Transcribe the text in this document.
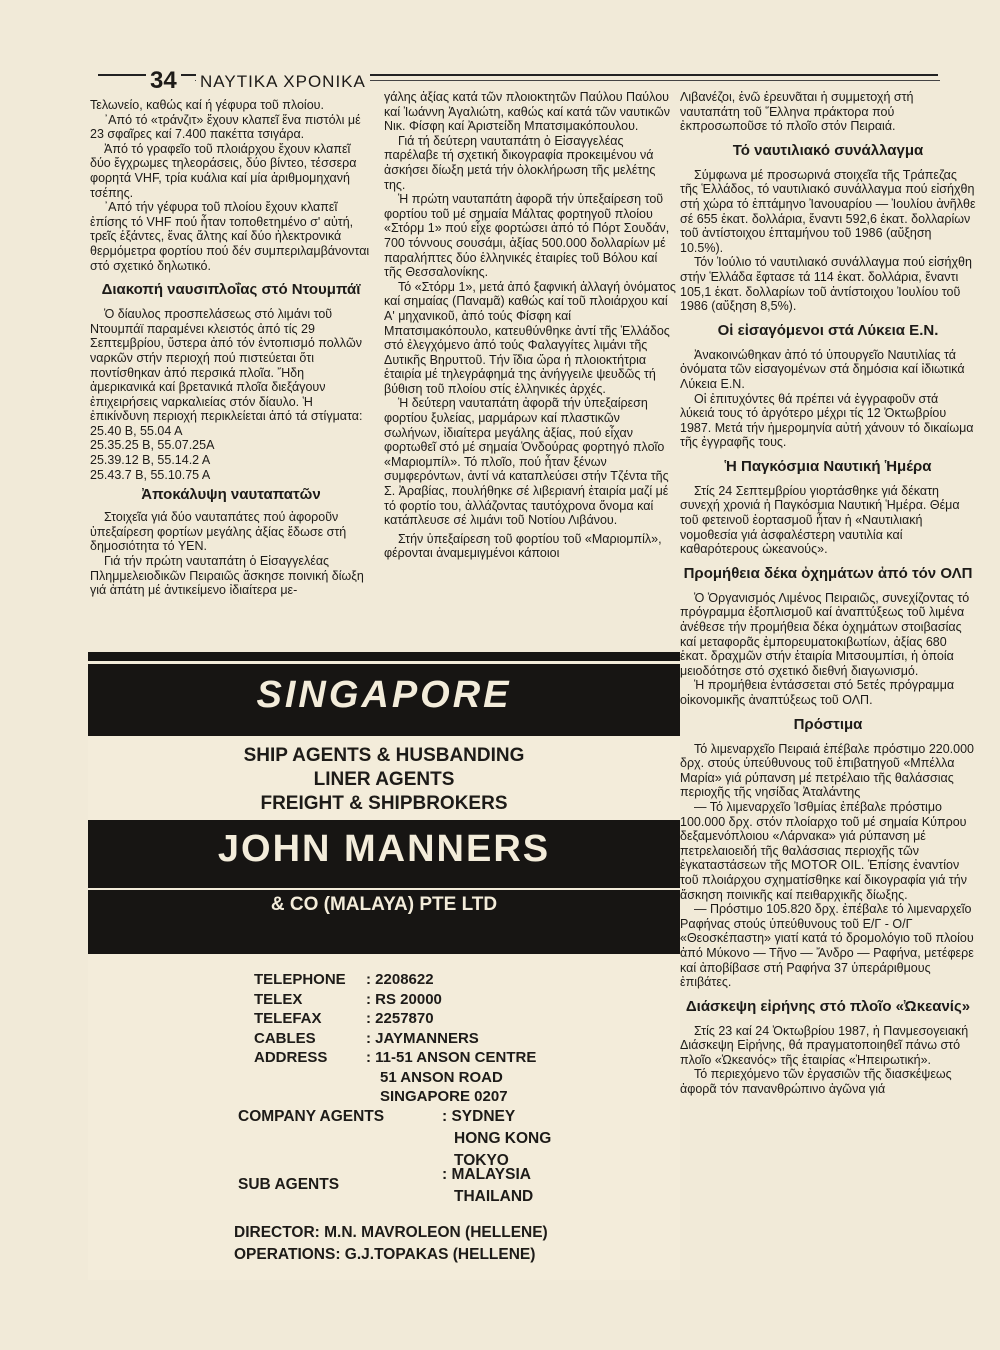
34 ΝΑΥΤΙΚΑ ΧΡΟΝΙΚΑ

Τελωνείο, καθώς καί ή γέφυρα τοῦ πλοίου.

᾿Από τό «τράνζιτ» ἔχουν κλαπεῖ ἕνα πιστόλι μέ 23 σφαῖρες καί 7.400 πακέττα τσιγάρα.

Ἀπό τό γραφεῖο τοῦ πλοιάρχου ἔχουν κλαπεῖ δύο ἔγχρωμες τηλεοράσεις, δύο βίντεο, τέσσερα φορητά VHF, τρία κυάλια καί μία ἀριθμομηχανή τσέπης.

᾿Από τήν γέφυρα τοῦ πλοίου ἔχουν κλαπεῖ ἐπίσης τό VHF πού ἦταν τοποθετημένο σ' αὐτή, τρεῖς ἑξάντες, ἕνας ἄλτης καί δύο ἠλεκτρονικά θερμόμετρα φορτίου πού δέν συμπεριλαμβάνονται στό σχετικό δηλωτικό.

Διακοπή ναυσιπλοΐας στό Ντουμπάϊ

Ὁ δίαυλος προσπελάσεως στό λιμάνι τοῦ Ντουμπάϊ παραμένει κλειστός ἀπό τίς 29 Σεπτεμβρίου, ὕστερα ἀπό τόν ἐντοπισμό πολλῶν ναρκῶν στήν περιοχή πού πιστεύεται ὅτι ποντίσθηκαν ἀπό περσικά πλοῖα. Ἤδη ἀμερικανικά καί βρετανικά πλοῖα διεξάγουν ἐπιχειρήσεις ναρκαλιείας στόν δίαυλο. Ἡ ἐπικίνδυνη περιοχή περικλείεται ἀπό τά στίγματα:

25.40 B, 55.04 A

25.35.25 B, 55.07.25A

25.39.12 B, 55.14.2 A

25.43.7 B, 55.10.75 A

Ἀποκάλυψη ναυταπατῶν

Στοιχεῖα γιά δύο ναυταπάτες πού ἀφοροῦν ὑπεξαίρεση φορτίων μεγάλης ἀξίας ἔδωσε στή δημοσιότητα τό ΥΕΝ.

Γιά τήν πρώτη ναυταπάτη ὁ Εἰσαγγελέας Πλημμελειοδικῶν Πειραιῶς ἄσκησε ποινική δίωξη γιά ἀπάτη μέ ἀντικείμενο ἰδιαίτερα με-

γάλης ἀξίας κατά τῶν πλοιοκτητῶν Παύλου Παύλου καί Ἰωάννη Ἀγαλιώτη, καθώς καί κατά τῶν ναυτικῶν Νικ. Φίσφη καί Ἀριστείδη Μπατσιμακόπουλου.

Γιά τή δεύτερη ναυταπάτη ὁ Εἰσαγγελέας παρέλαβε τή σχετική δικογραφία προκειμένου νά ἀσκήσει δίωξη μετά τήν ὁλοκλήρωση τῆς μελέτης της.

Ἡ πρώτη ναυταπάτη ἀφορᾶ τήν ὑπεξαίρεση τοῦ φορτίου τοῦ μέ σημαία Μάλτας φορτηγοῦ πλοίου «Στόρμ 1» πού εἶχε φορτώσει ἀπό τό Πόρτ Σουδάν, 700 τόννους σουσάμι, ἀξίας 500.000 δολλαρίων μέ παραλήπτες δύο ἑλληνικές ἑταιρίες τοῦ Βόλου καί τῆς Θεσσαλονίκης.

Τό «Στόρμ 1», μετά ἀπό ξαφνική ἀλλαγή ὀνόματος καί σημαίας (Παναμᾶ) καθώς καί τοῦ πλοιάρχου καί Α' μηχανικοῦ, ἀπό τούς Φίσφη καί Μπατσιμακόπουλο, κατευθύνθηκε ἀντί τῆς Ἑλλάδος στό ἐλεγχόμενο ἀπό τούς Φαλαγγίτες λιμάνι τῆς Δυτικῆς Βηρυττοῦ. Τήν ἴδια ὥρα ἡ πλοιοκτήτρια ἑταιρία μέ τηλεγράφημά της ἀνήγγειλε ψευδῶς τή βύθιση τοῦ πλοίου στίς ἑλληνικές ἀρχές.

Ἡ δεύτερη ναυταπάτη ἀφορᾶ τήν ὑπεξαίρεση φορτίου ξυλείας, μαρμάρων καί πλαστικῶν σωλήνων, ἰδιαίτερα μεγάλης ἀξίας, πού εἶχαν φορτωθεῖ στό μέ σημαία Ὁνδούρας φορτηγό πλοῖο «Μαριομπίλ». Τό πλοῖο, πού ἦταν ξένων συμφερόντων, ἀντί νά καταπλεύσει στήν Τζέντα τῆς Σ. Ἀραβίας, πουλήθηκε σέ λιβεριανή ἑταιρία μαζί μέ τό φορτίο του, ἀλλάζοντας ταυτόχρονα ὄνομα καί κατάπλευσε σέ λιμάνι τοῦ Νοτίου Λιβάνου.

Στήν ὑπεξαίρεση τοῦ φορτίου τοῦ «Μαριομπίλ», φέρονται ἀναμεμιγμένοι κάποιοι

Λιβανέζοι, ἐνῶ ἐρευνᾶται ἡ συμμετοχή στή ναυταπάτη τοῦ Ἕλληνα πράκτορα πού ἐκπροσωποῦσε τό πλοῖο στόν Πειραιά.

Τό ναυτιλιακό συνάλλαγμα

Σύμφωνα μέ προσωρινά στοιχεῖα τῆς Τράπεζας τῆς Ἑλλάδος, τό ναυτιλιακό συνάλλαγμα πού εἰσήχθη στή χώρα τό ἑπτάμηνο Ἰανουαρίου — Ἰουλίου ἀνῆλθε σέ 655 ἑκατ. δολλάρια, ἔναντι 592,6 ἑκατ. δολλαρίων τοῦ ἀντίστοιχου ἑπταμήνου τοῦ 1986 (αὔξηση 10.5%).

Τόν Ἰούλιο τό ναυτιλιακό συνάλλαγμα πού εἰσήχθη στήν Ἑλλάδα ἔφτασε τά 114 ἑκατ. δολλάρια, ἔναντι 105,1 ἑκατ. δολλαρίων τοῦ ἀντίστοιχου Ἰουλίου τοῦ 1986 (αὔξηση 8,5%).

Οἱ εἰσαγόμενοι στά Λύκεια Ε.Ν.

Ἀνακοινώθηκαν ἀπό τό ὑπουργεῖο Ναυτιλίας τά ὀνόματα τῶν εἰσαγομένων στά δημόσια καί ἰδιωτικά Λύκεια Ε.Ν.

Οἱ ἐπιτυχόντες θά πρέπει νά ἐγγραφοῦν στά λύκειά τους τό ἀργότερο μέχρι τίς 12 Ὀκτωβρίου 1987. Μετά τήν ἡμερομηνία αὐτή χάνουν τό δικαίωμα τῆς ἐγγραφῆς τους.

Ἡ Παγκόσμια Ναυτική Ἡμέρα

Στίς 24 Σεπτεμβρίου γιορτάσθηκε γιά δέκατη συνεχή χρονιά ἡ Παγκόσμια Ναυτική Ἡμέρα. Θέμα τοῦ φετεινοῦ ἑορτασμοῦ ἦταν ἡ «Ναυτιλιακή νομοθεσία γιά ἀσφαλέστερη ναυτιλία καί καθαρότερους ὠκεανούς».

Προμήθεια δέκα ὀχημάτων ἀπό τόν ΟΛΠ

Ὁ Ὀργανισμός Λιμένος Πειραιῶς, συνεχίζοντας τό πρόγραμμα ἐξοπλισμοῦ καί ἀναπτύξεως τοῦ λιμένα ἀνέθεσε τήν προμήθεια δέκα ὀχημάτων στοιβασίας καί μεταφορᾶς ἐμπορευματοκιβωτίων, ἀξίας 680 ἑκατ. δραχμῶν στήν ἑταιρία Μιτσουμπίσι, ἡ ὁποία μειοδότησε στό σχετικό διεθνή διαγωνισμό.

Ἡ προμήθεια ἐντάσσεται στό 5ετές πρόγραμμα οἰκονομικῆς ἀναπτύξεως τοῦ ΟΛΠ.

Πρόστιμα

Τό λιμεναρχεῖο Πειραιά ἐπέβαλε πρόστιμο 220.000 δρχ. στούς ὑπεύθυνους τοῦ ἐπιβατηγοῦ «Μπέλλα Μαρία» γιά ρύπανση μέ πετρέλαιο τῆς θαλάσσιας περιοχῆς τῆς νησίδας Ἀταλάντης

— Τό λιμεναρχεῖο Ἰσθμίας ἐπέβαλε πρόστιμο 100.000 δρχ. στόν πλοίαρχο τοῦ μέ σημαία Κύπρου δεξαμενόπλοιου «Λάρνακα» γιά ρύπανση μέ πετρελαιοειδή τῆς θαλάσσιας περιοχῆς τῶν ἐγκαταστάσεων τῆς ΜΟTOR OIL. Ἐπίσης ἐναντίον τοῦ πλοιάρχου σχηματίσθηκε καί δικογραφία γιά τήν ἄσκηση ποινικῆς καί πειθαρχικῆς δίωξης.

— Πρόστιμο 105.820 δρχ. ἐπέβαλε τό λιμεναρχεῖο Ραφήνας στούς ὑπεύθυνους τοῦ Ε/Γ - Ο/Γ «Θεοσκέπαστη» γιατί κατά τό δρομολόγιο τοῦ πλοίου ἀπό Μύκονο — Τῆνο — Ἄνδρο — Ραφήνα, μετέφερε καί ἀποβίβασε στή Ραφήνα 37 ὑπεράριθμους ἐπιβάτες.

Διάσκεψη εἰρήνης στό πλοῖο «Ὠκεανίς»

Στίς 23 καί 24 Ὀκτωβρίου 1987, ἡ Πανμεσογειακή Διάσκεψη Εἰρήνης, θά πραγματοποιηθεῖ πάνω στό πλοῖο «Ὠκεανός» τῆς ἑταιρίας «Ἠπειρωτική».

Τό περιεχόμενο τῶν ἐργασιῶν τῆς διασκέψεως ἀφορᾶ τόν πανανθρώπινο ἀγῶνα γιά

SINGAPORE
SHIP AGENTS & HUSBANDING
LINER AGENTS
FREIGHT & SHIPBROKERS
JOHN MANNERS
& CO (MALAYA) PTE LTD
TELEPHONE
TELEX
TELEFAX
CABLES
ADDRESS
: 2208622
: RS 20000
: 2257870
: JAYMANNERS
: 11-51 ANSON CENTRE
51 ANSON ROAD
SINGAPORE 0207
COMPANY AGENTS	: SYDNEY
HONG KONG
TOKYO
SUB AGENTS
: MALAYSIA
THAILAND
DIRECTOR: M.N. MAVROLEON (HELLENE)
OPERATIONS: G.J.TOPAKAS (HELLENE)
